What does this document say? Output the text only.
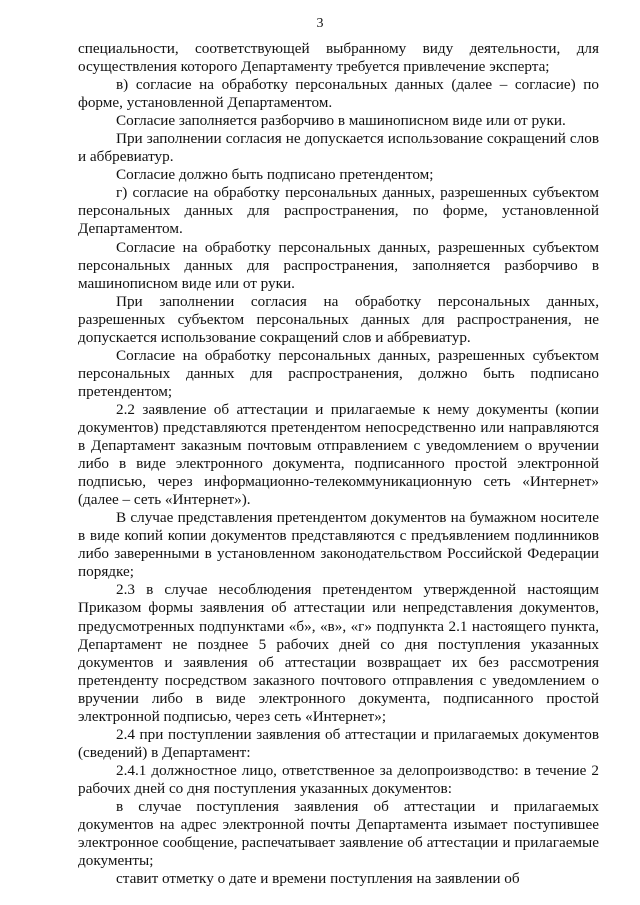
3

специальности, соответствующей выбранному виду деятельности, для осуществления которого Департаменту требуется привлечение эксперта;

в) согласие на обработку персональных данных (далее – согласие) по форме, установленной Департаментом.

Согласие заполняется разборчиво в машинописном виде или от руки.

При заполнении согласия не допускается использование сокращений слов и аббревиатур.

Согласие должно быть подписано претендентом;

г) согласие на обработку персональных данных, разрешенных субъектом персональных данных для распространения, по форме, установленной Департаментом.

Согласие на обработку персональных данных, разрешенных субъектом персональных данных для распространения, заполняется разборчиво в машинописном виде или от руки.

При заполнении согласия на обработку персональных данных, разрешенных субъектом персональных данных для распространения, не допускается использование сокращений слов и аббревиатур.

Согласие на обработку персональных данных, разрешенных субъектом персональных данных для распространения, должно быть подписано претендентом;

2.2 заявление об аттестации и прилагаемые к нему документы (копии документов) представляются претендентом непосредственно или направляются в Департамент заказным почтовым отправлением с уведомлением о вручении либо в виде электронного документа, подписанного простой электронной подписью, через информационно-телекоммуникационную сеть «Интернет» (далее – сеть «Интернет»).

В случае представления претендентом документов на бумажном носителе в виде копий копии документов представляются с предъявлением подлинников либо заверенными в установленном законодательством Российской Федерации порядке;

2.3 в случае несоблюдения претендентом утвержденной настоящим Приказом формы заявления об аттестации или непредставления документов, предусмотренных подпунктами «б», «в», «г» подпункта 2.1 настоящего пункта, Департамент не позднее 5 рабочих дней со дня поступления указанных документов и заявления об аттестации возвращает их без рассмотрения претенденту посредством заказного почтового отправления с уведомлением о вручении либо в виде электронного документа, подписанного простой электронной подписью, через сеть «Интернет»;

2.4 при поступлении заявления об аттестации и прилагаемых документов (сведений) в Департамент:

2.4.1 должностное лицо, ответственное за делопроизводство: в течение 2 рабочих дней со дня поступления указанных документов:

в случае поступления заявления об аттестации и прилагаемых документов на адрес электронной почты Департамента изымает поступившее электронное сообщение, распечатывает заявление об аттестации и прилагаемые документы;

ставит отметку о дате и времени поступления на заявлении об
